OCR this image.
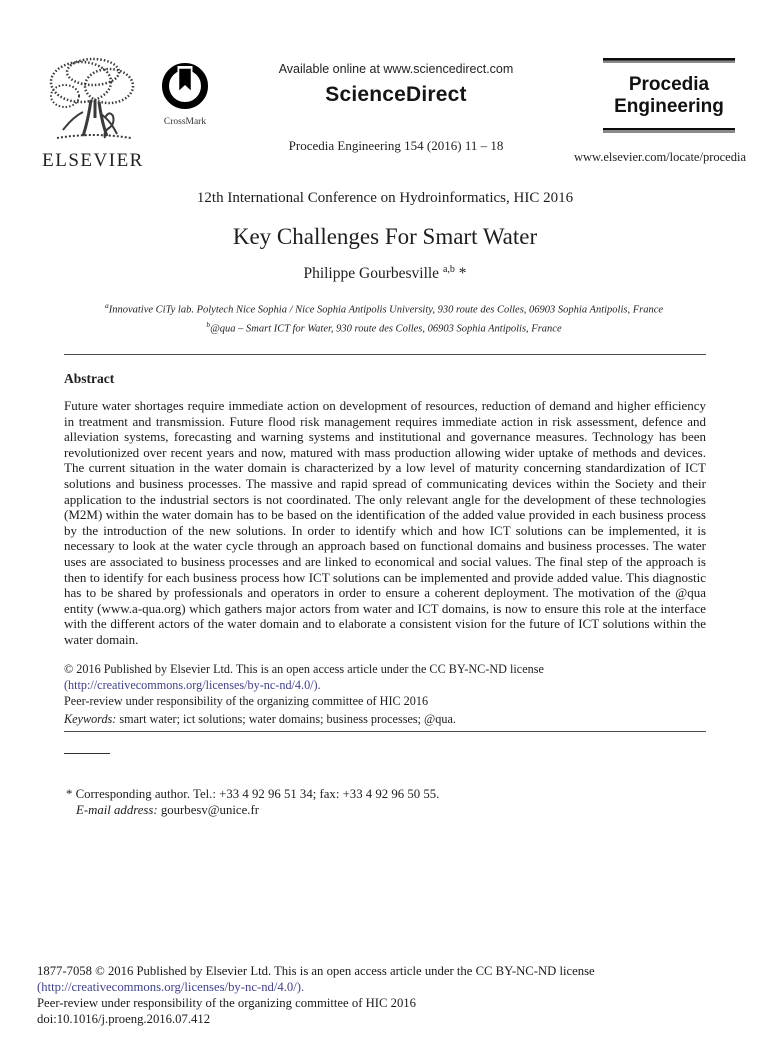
ELSEVIER
CrossMark
Available online at www.sciencedirect.com
ScienceDirect
Procedia Engineering 154 (2016) 11 – 18
Procedia
Engineering
www.elsevier.com/locate/procedia
12th International Conference on Hydroinformatics, HIC 2016
Key Challenges For Smart Water
Philippe Gourbesville $^{a,b}$ *
$^a$Innovative CiTy lab. Polytech Nice Sophia / Nice Sophia Antipolis University, 930 route des Colles, 06903 Sophia Antipolis, France
$^b$@qua – Smart ICT for Water, 930 route des Colles, 06903 Sophia Antipolis, France
Abstract
Future water shortages require immediate action on development of resources, reduction of demand and higher efficiency in treatment and transmission. Future flood risk management requires immediate action in risk assessment, defence and alleviation systems, forecasting and warning systems and institutional and governance measures. Technology has been revolutionized over recent years and now, matured with mass production allowing wider uptake of methods and devices. The current situation in the water domain is characterized by a low level of maturity concerning standardization of ICT solutions and business processes. The massive and rapid spread of communicating devices within the Society and their application to the industrial sectors is not coordinated. The only relevant angle for the development of these technologies (M2M) within the water domain has to be based on the identification of the added value provided in each business process by the introduction of the new solutions. In order to identify which and how ICT solutions can be implemented, it is necessary to look at the water cycle through an approach based on functional domains and business processes. The water uses are associated to business processes and are linked to economical and social values. The final step of the approach is then to identify for each business process how ICT solutions can be implemented and provide added value. This diagnostic has to be shared by professionals and operators in order to ensure a coherent deployment. The motivation of the @qua entity (www.a-qua.org) which gathers major actors from water and ICT domains, is now to ensure this role at the interface with the different actors of the water domain and to elaborate a consistent vision for the future of ICT solutions within the water domain.
© 2016 Published by Elsevier Ltd. This is an open access article under the CC BY-NC-ND license
(http://creativecommons.org/licenses/by-nc-nd/4.0/).
Peer-review under responsibility of the organizing committee of HIC 2016
Keywords: smart water; ict solutions; water domains; business processes; @qua.
* Corresponding author. Tel.: +33 4 92 96 51 34; fax: +33 4 92 96 50 55.
E-mail address: gourbesv@unice.fr
1877-7058 © 2016 Published by Elsevier Ltd. This is an open access article under the CC BY-NC-ND license
(http://creativecommons.org/licenses/by-nc-nd/4.0/).
Peer-review under responsibility of the organizing committee of HIC 2016
doi:10.1016/j.proeng.2016.07.412
